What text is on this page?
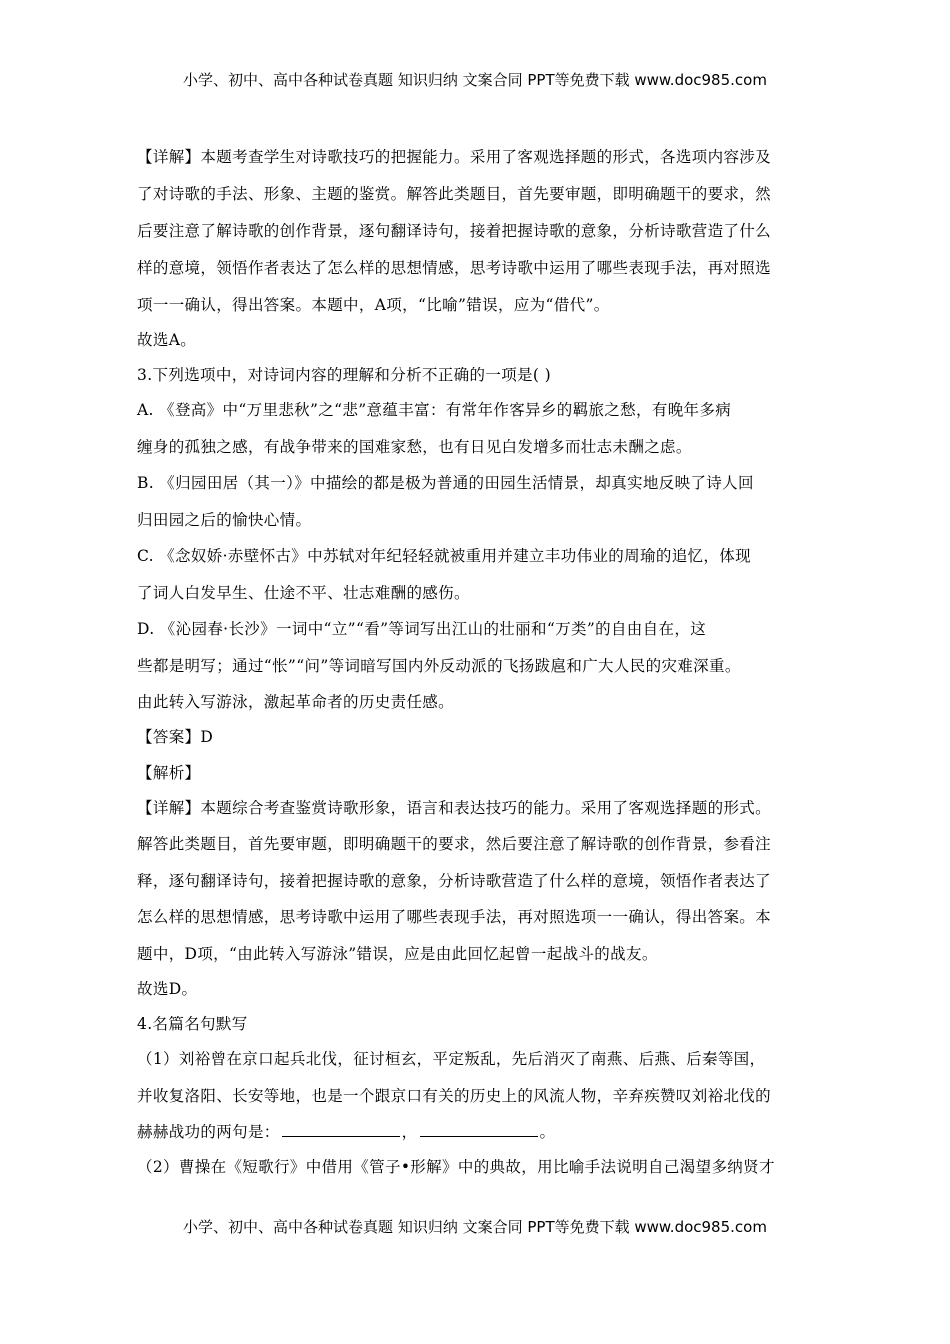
小学、初中、高中各种试卷真题 知识归纳 文案合同 PPT等免费下载 www.doc985.com
【详解】本题考查学生对诗歌技巧的把握能力。采用了客观选择题的形式，各选项内容涉及
了对诗歌的手法、形象、主题的鉴赏。解答此类题目，首先要审题，即明确题干的要求，然
后要注意了解诗歌的创作背景，逐句翻译诗句，接着把握诗歌的意象，分析诗歌营造了什么
样的意境，领悟作者表达了怎么样的思想情感，思考诗歌中运用了哪些表现手法，再对照选
项一一确认，得出答案。本题中，A项，“比喻”错误，应为“借代”。
故选A。
3.下列选项中，对诗词内容的理解和分析不正确的一项是( )
A. 《登高》中“万里悲秋”之“悲”意蕴丰富：有常年作客异乡的羁旅之愁，有晚年多病
缠身的孤独之感，有战争带来的国难家愁，也有日见白发增多而壮志未酬之虑。
B. 《归园田居（其一）》中描绘的都是极为普通的田园生活情景，却真实地反映了诗人回
归田园之后的愉快心情。
C. 《念奴娇·赤壁怀古》中苏轼对年纪轻轻就被重用并建立丰功伟业的周瑜的追忆，体现
了词人白发早生、仕途不平、壮志难酬的感伤。
D. 《沁园春·长沙》一词中“立”“看”等词写出江山的壮丽和“万类”的自由自在，这
些都是明写；通过“怅”“问”等词暗写国内外反动派的飞扬跋扈和广大人民的灾难深重。
由此转入写游泳，激起革命者的历史责任感。
【答案】D
【解析】
【详解】本题综合考查鉴赏诗歌形象，语言和表达技巧的能力。采用了客观选择题的形式。
解答此类题目，首先要审题，即明确题干的要求，然后要注意了解诗歌的创作背景，参看注
释，逐句翻译诗句，接着把握诗歌的意象，分析诗歌营造了什么样的意境，领悟作者表达了
怎么样的思想情感，思考诗歌中运用了哪些表现手法，再对照选项一一确认，得出答案。本
题中，D项，“由此转入写游泳”错误，应是由此回忆起曾一起战斗的战友。
故选D。
4.名篇名句默写
（1）刘裕曾在京口起兵北伐，征讨桓玄，平定叛乱，先后消灭了南燕、后燕、后秦等国，
并收复洛阳、长安等地，也是一个跟京口有关的历史上的风流人物，辛弃疾赞叹刘裕北伐的
赫赫战功的两句是：	，	。
（2）曹操在《短歌行》中借用《管子•形解》中的典故，用比喻手法说明自己渴望多纳贤才
小学、初中、高中各种试卷真题 知识归纳 文案合同 PPT等免费下载 www.doc985.com
